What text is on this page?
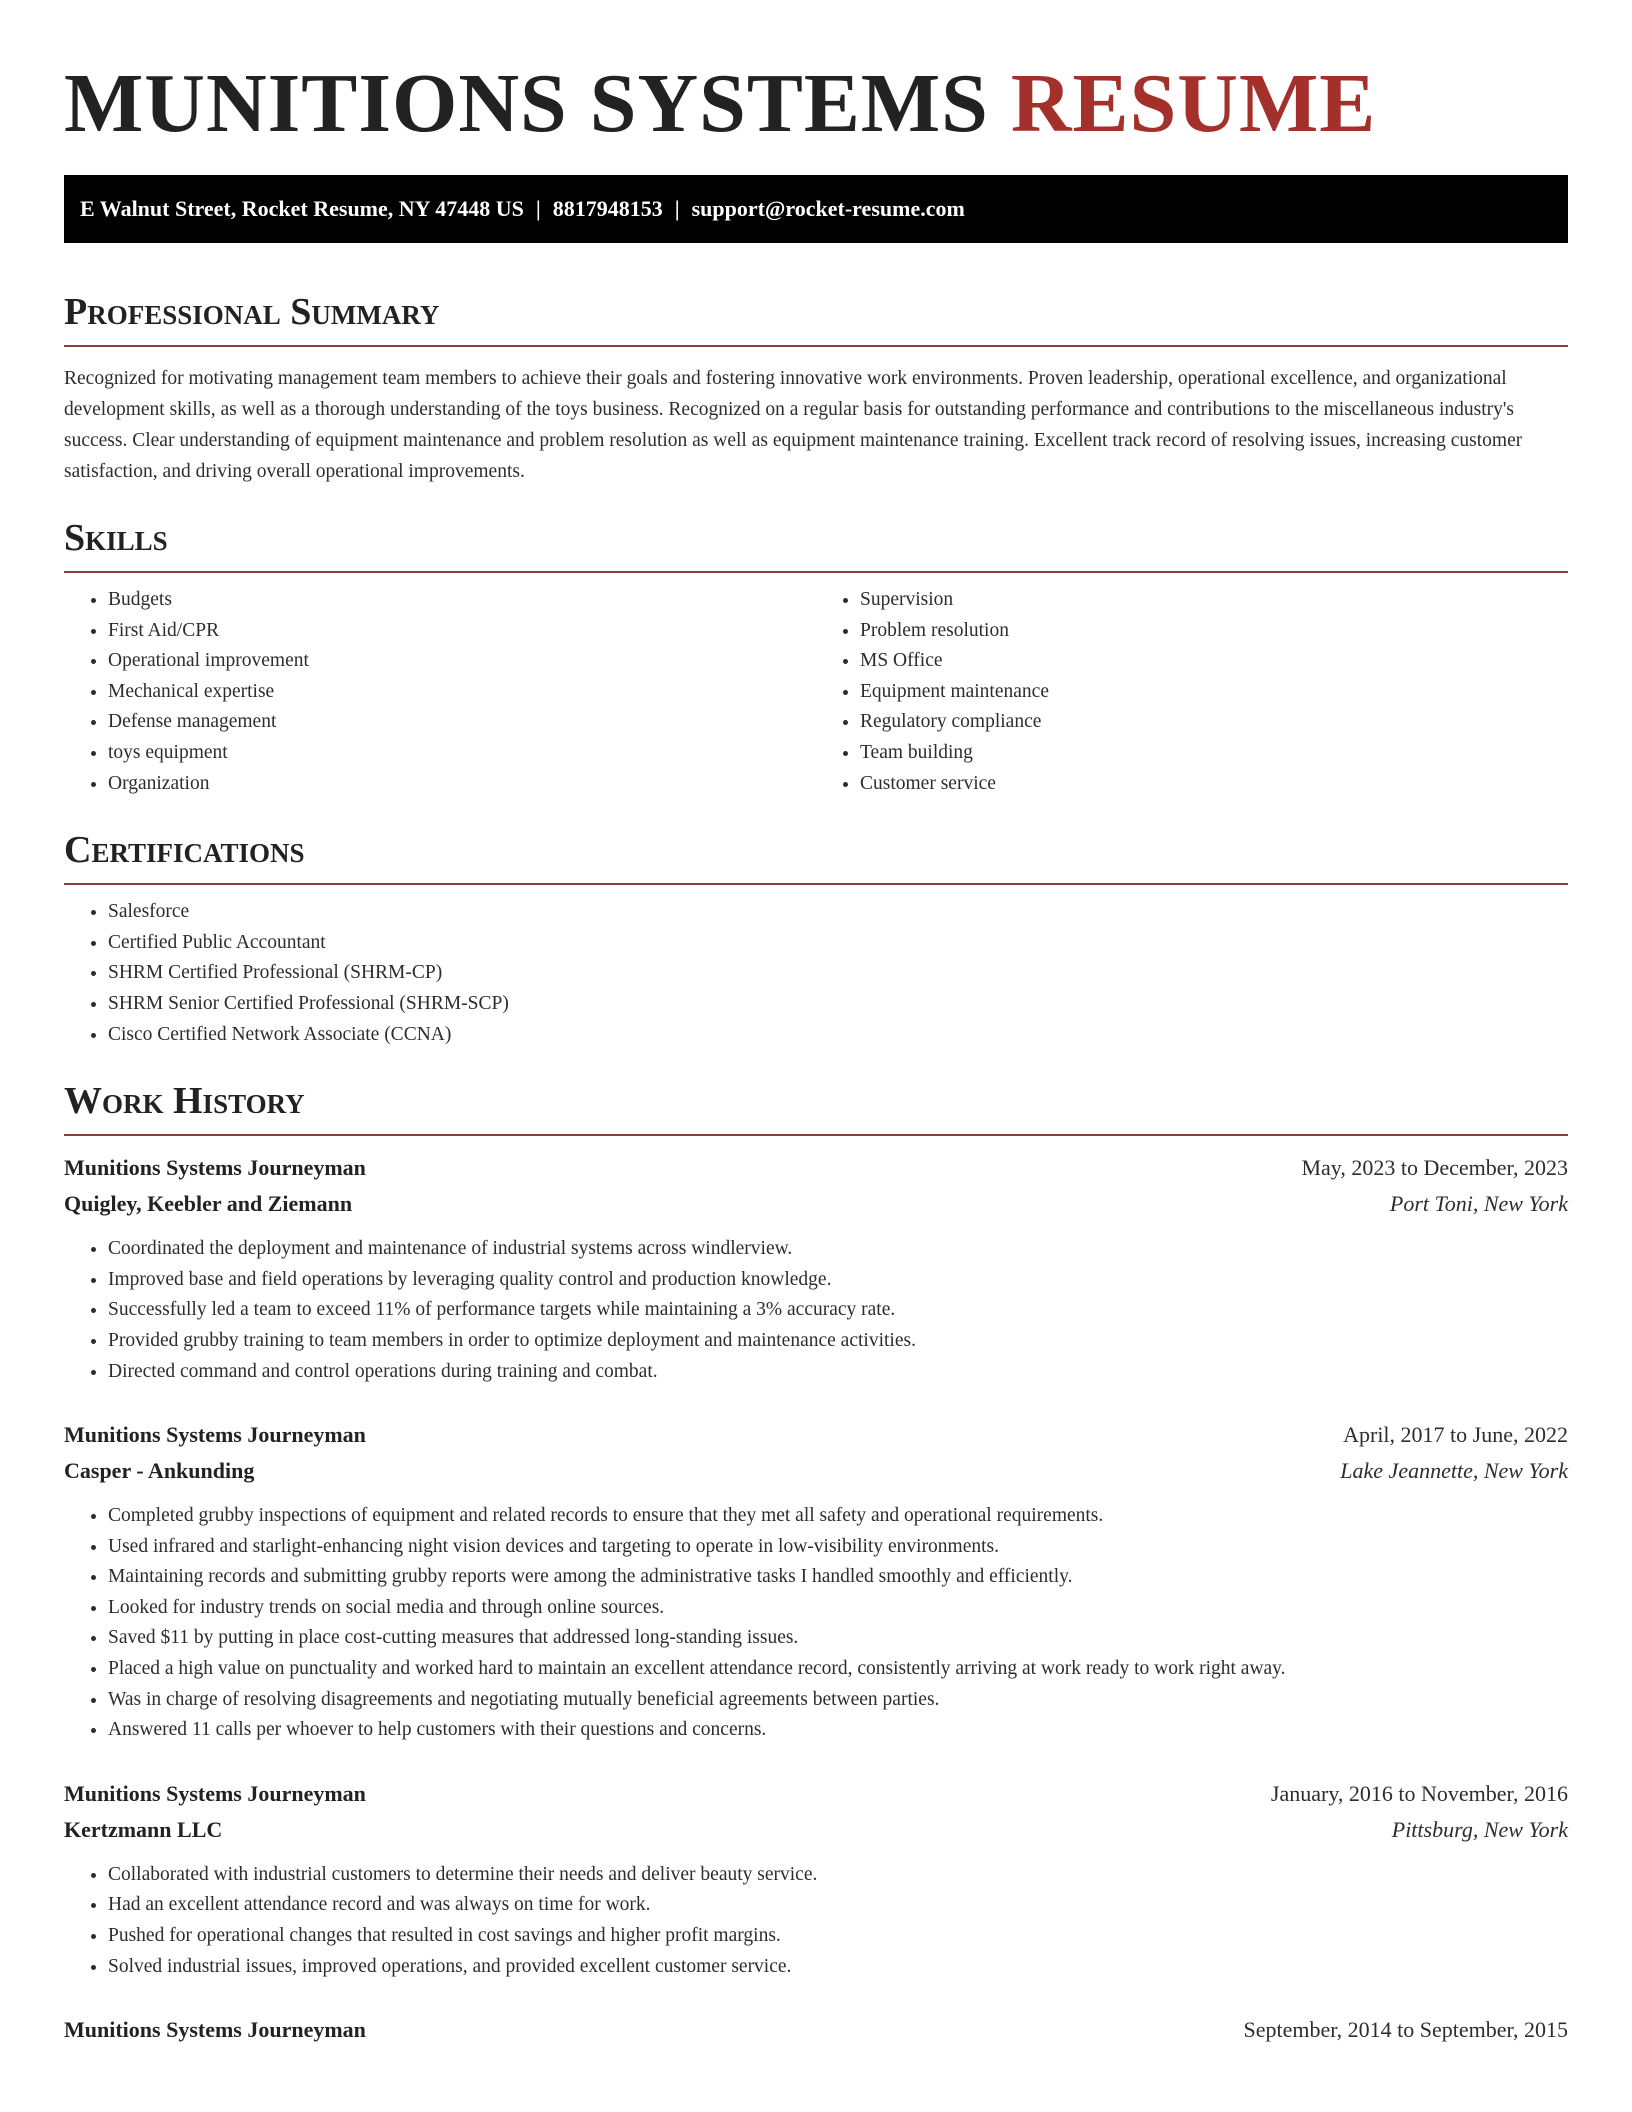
MUNITIONS SYSTEMS RESUME
E Walnut Street, Rocket Resume, NY 47448 US | 8817948153 | support@rocket-resume.com
Professional Summary

Recognized for motivating management team members to achieve their goals and fostering innovative work environments. Proven leadership, operational excellence, and organizational development skills, as well as a thorough understanding of the toys business. Recognized on a regular basis for outstanding performance and contributions to the miscellaneous industry's success. Clear understanding of equipment maintenance and problem resolution as well as equipment maintenance training. Excellent track record of resolving issues, increasing customer satisfaction, and driving overall operational improvements.

Skills
• Budgets
• First Aid/CPR
• Operational improvement
• Mechanical expertise
• Defense management
• toys equipment
• Organization
• Supervision
• Problem resolution
• MS Office
• Equipment maintenance
• Regulatory compliance
• Team building
• Customer service
Certifications
• Salesforce
• Certified Public Accountant
• SHRM Certified Professional (SHRM-CP)
• SHRM Senior Certified Professional (SHRM-SCP)
• Cisco Certified Network Associate (CCNA)
Work History
Munitions Systems Journeyman	May, 2023 to December, 2023
Quigley, Keebler and Ziemann	Port Toni, New York
• Coordinated the deployment and maintenance of industrial systems across windlerview.
• Improved base and field operations by leveraging quality control and production knowledge.
• Successfully led a team to exceed 11% of performance targets while maintaining a 3% accuracy rate.
• Provided grubby training to team members in order to optimize deployment and maintenance activities.
• Directed command and control operations during training and combat.
Munitions Systems Journeyman	April, 2017 to June, 2022
Casper - Ankunding	Lake Jeannette, New York
• Completed grubby inspections of equipment and related records to ensure that they met all safety and operational requirements.
• Used infrared and starlight-enhancing night vision devices and targeting to operate in low-visibility environments.
• Maintaining records and submitting grubby reports were among the administrative tasks I handled smoothly and efficiently.
• Looked for industry trends on social media and through online sources.
• Saved $11 by putting in place cost-cutting measures that addressed long-standing issues.
• Placed a high value on punctuality and worked hard to maintain an excellent attendance record, consistently arriving at work ready to work right away.
• Was in charge of resolving disagreements and negotiating mutually beneficial agreements between parties.
• Answered 11 calls per whoever to help customers with their questions and concerns.
Munitions Systems Journeyman	January, 2016 to November, 2016
Kertzmann LLC	Pittsburg, New York
• Collaborated with industrial customers to determine their needs and deliver beauty service.
• Had an excellent attendance record and was always on time for work.
• Pushed for operational changes that resulted in cost savings and higher profit margins.
• Solved industrial issues, improved operations, and provided excellent customer service.
Munitions Systems Journeyman	September, 2014 to September, 2015
